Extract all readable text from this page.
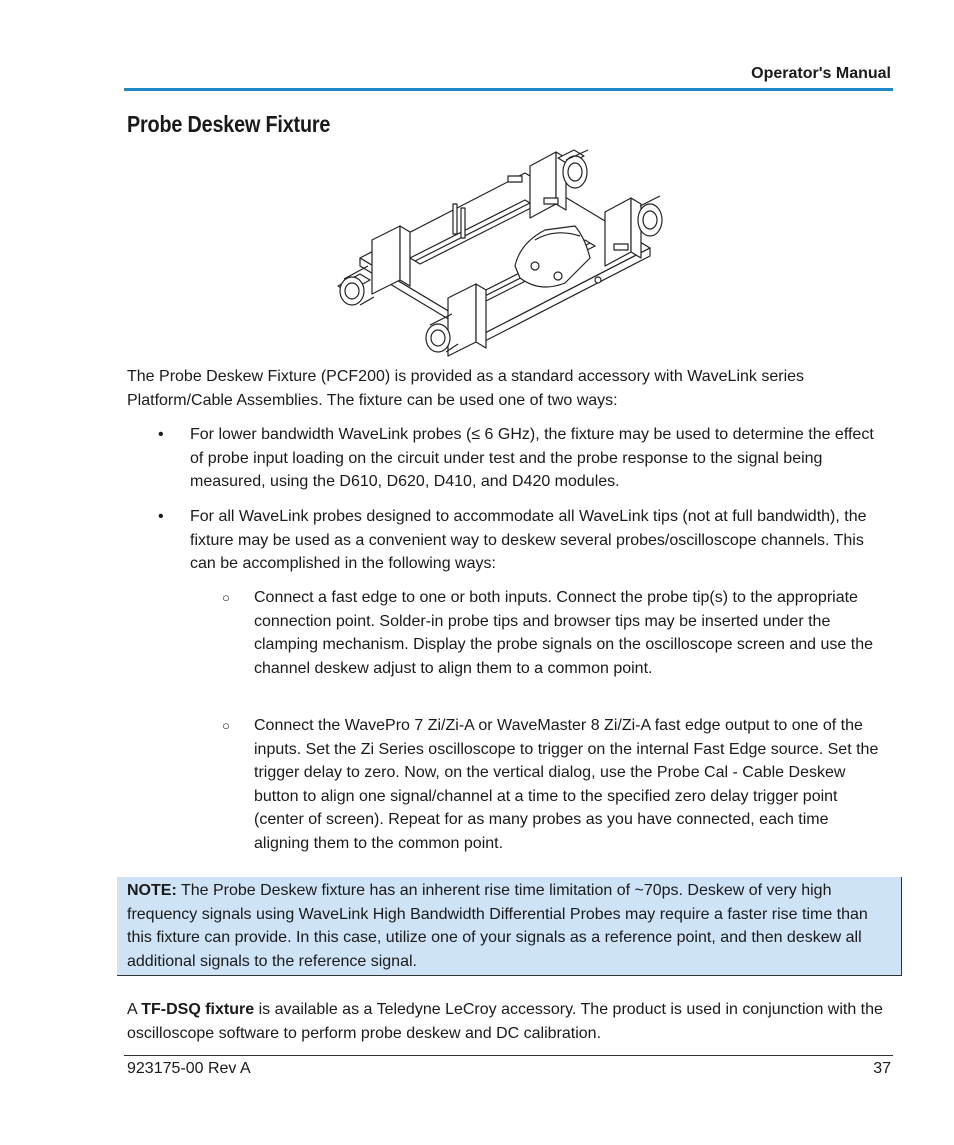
Operator's Manual
Probe Deskew Fixture

The Probe Deskew Fixture (PCF200) is provided as a standard accessory with WaveLink series Platform/Cable Assemblies. The fixture can be used one of two ways:

• For lower bandwidth WaveLink probes (≤ 6 GHz), the fixture may be used to determine the effect of probe input loading on the circuit under test and the probe response to the signal being measured, using the D610, D620, D410, and D420 modules.
• For all WaveLink probes designed to accommodate all WaveLink tips (not at full bandwidth), the fixture may be used as a convenient way to deskew several probes/oscilloscope channels. This can be accomplished in the following ways:
○ Connect a fast edge to one or both inputs. Connect the probe tip(s) to the appropriate connection point. Solder-in probe tips and browser tips may be inserted under the clamping mechanism. Display the probe signals on the oscilloscope screen and use the channel deskew adjust to align them to a common point.
○ Connect the WavePro 7 Zi/Zi-A or WaveMaster 8 Zi/Zi-A fast edge output to one of the inputs. Set the Zi Series oscilloscope to trigger on the internal Fast Edge source. Set the trigger delay to zero. Now, on the vertical dialog, use the Probe Cal - Cable Deskew button to align one signal/channel at a time to the specified zero delay trigger point (center of screen). Repeat for as many probes as you have connected, each time aligning them to the common point.
NOTE: The Probe Deskew fixture has an inherent rise time limitation of ~70ps. Deskew of very high frequency signals using WaveLink High Bandwidth Differential Probes may require a faster rise time than this fixture can provide. In this case, utilize one of your signals as a reference point, and then deskew all additional signals to the reference signal.

A TF-DSQ fixture is available as a Teledyne LeCroy accessory. The product is used in conjunction with the oscilloscope software to perform probe deskew and DC calibration.

923175-00 Rev A	37
